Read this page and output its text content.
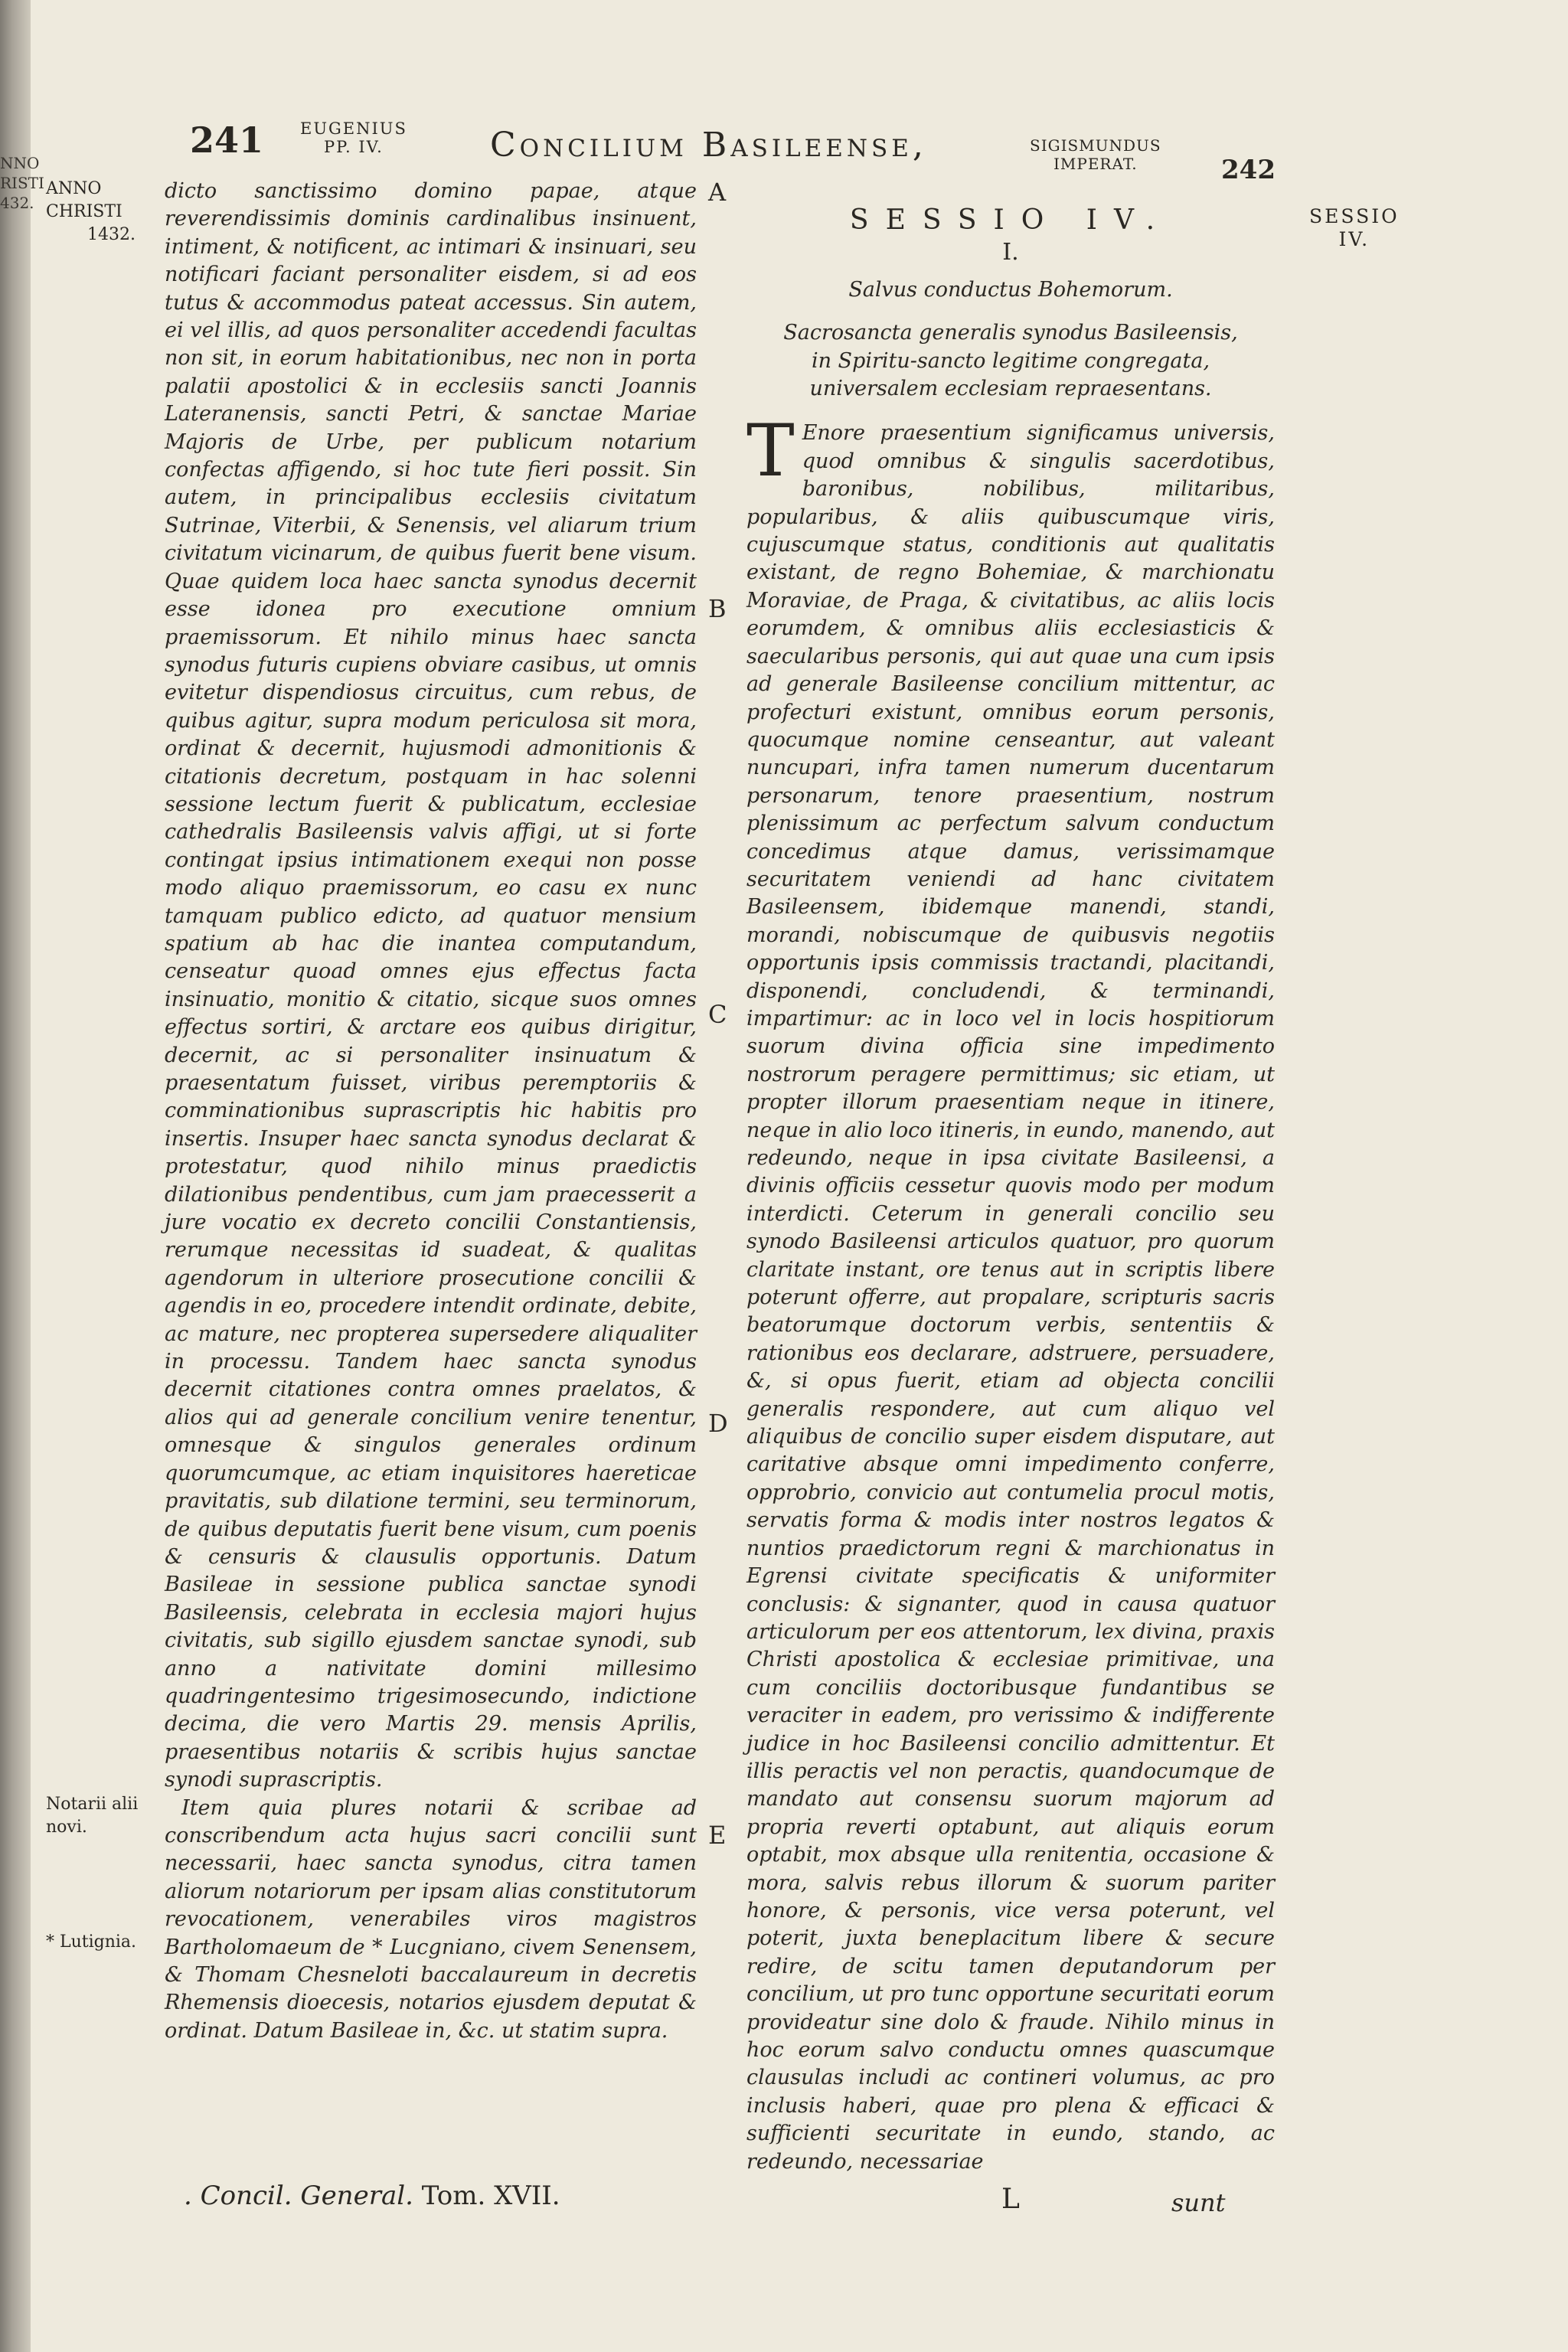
NNO
RISTI
432.
241 EUGENIUS
PP. IV.	Concilium Basileense,	SIGISMUNDUS
IMPERAT.	242
SESSIO
IV.
ANNO
CHRISTI
1432.
Notarii alii
novi.
* Lutignia.

dicto sanctissimo domino papae, atque reverendissimis dominis cardinalibus insinuent, intiment, & notificent, ac intimari & insinuari, seu notificari faciant personaliter eisdem, si ad eos tutus & accommodus pateat accessus. Sin autem, ei vel illis, ad quos personaliter accedendi facultas non sit, in eorum habitationibus, nec non in porta palatii apostolici & in ecclesiis sancti Joannis Lateranensis, sancti Petri, & sanctae Mariae Majoris de Urbe, per publicum notarium confectas affigendo, si hoc tute fieri possit. Sin autem, in principalibus ecclesiis civitatum Sutrinae, Viterbii, & Senensis, vel aliarum trium civitatum vicinarum, de quibus fuerit bene visum. Quae quidem loca haec sancta synodus decernit esse idonea pro executione omnium praemissorum. Et nihilo minus haec sancta synodus futuris cupiens obviare casibus, ut omnis evitetur dispendiosus circuitus, cum rebus, de quibus agitur, supra modum periculosa sit mora, ordinat & decernit, hujusmodi admonitionis & citationis decretum, postquam in hac solenni sessione lectum fuerit & publicatum, ecclesiae cathedralis Basileensis valvis affigi, ut si forte contingat ipsius intimationem exequi non posse modo aliquo praemissorum, eo casu ex nunc tamquam publico edicto, ad quatuor mensium spatium ab hac die inantea computandum, censeatur quoad omnes ejus effectus facta insinuatio, monitio & citatio, sicque suos omnes effectus sortiri, & arctare eos quibus dirigitur, decernit, ac si personaliter insinuatum & praesentatum fuisset, viribus peremptoriis & comminationibus suprascriptis hic habitis pro insertis. Insuper haec sancta synodus declarat & protestatur, quod nihilo minus praedictis dilationibus pendentibus, cum jam praecesserit a jure vocatio ex decreto concilii Constantiensis, rerumque necessitas id suadeat, & qualitas agendorum in ulteriore prosecutione concilii & agendis in eo, procedere intendit ordinate, debite, ac mature, nec propterea supersedere aliqualiter in processu. Tandem haec sancta synodus decernit citationes contra omnes praelatos, & alios qui ad generale concilium venire tenentur, omnesque & singulos generales ordinum quorumcumque, ac etiam inquisitores haereticae pravitatis, sub dilatione termini, seu terminorum, de quibus deputatis fuerit bene visum, cum poenis & censuris & clausulis opportunis. Datum Basileae in sessione publica sanctae synodi Basileensis, celebrata in ecclesia majori hujus civitatis, sub sigillo ejusdem sanctae synodi, sub anno a nativitate domini millesimo quadringentesimo trigesimosecundo, indictione decima, die vero Martis 29. mensis Aprilis, praesentibus notariis & scribis hujus sanctae synodi suprascriptis.

Item quia plures notarii & scribae ad conscribendum acta hujus sacri concilii sunt necessarii, haec sancta synodus, citra tamen aliorum notariorum per ipsam alias constitutorum revocationem, venerabiles viros magistros Bartholomaeum de * Lucgniano, civem Senensem, & Thomam Chesneloti baccalaureum in decretis Rhemensis dioecesis, notarios ejusdem deputat & ordinat. Datum Basileae in, &c. ut statim supra.

A
B
C
D
E
SESSIO IV.
I.
Salvus conductus Bohemorum.
Sacrosancta generalis synodus Basileensis, in Spiritu-sancto legitime congregata, universalem ecclesiam repraesentans.

T Enore praesentium significamus universis, quod omnibus & singulis sacerdotibus, baronibus, nobilibus, militaribus, popularibus, & aliis quibuscumque viris, cujuscumque status, conditionis aut qualitatis existant, de regno Bohemiae, & marchionatu Moraviae, de Praga, & civitatibus, ac aliis locis eorumdem, & omnibus aliis ecclesiasticis & saecularibus personis, qui aut quae una cum ipsis ad generale Basileense concilium mittentur, ac profecturi existunt, omnibus eorum personis, quocumque nomine censeantur, aut valeant nuncupari, infra tamen numerum ducentarum personarum, tenore praesentium, nostrum plenissimum ac perfectum salvum conductum concedimus atque damus, verissimamque securitatem veniendi ad hanc civitatem Basileensem, ibidemque manendi, standi, morandi, nobiscumque de quibusvis negotiis opportunis ipsis commissis tractandi, placitandi, disponendi, concludendi, & terminandi, impartimur: ac in loco vel in locis hospitiorum suorum divina officia sine impedimento nostrorum peragere permittimus; sic etiam, ut propter illorum praesentiam neque in itinere, neque in alio loco itineris, in eundo, manendo, aut redeundo, neque in ipsa civitate Basileensi, a divinis officiis cessetur quovis modo per modum interdicti. Ceterum in generali concilio seu synodo Basileensi articulos quatuor, pro quorum claritate instant, ore tenus aut in scriptis libere poterunt offerre, aut propalare, scripturis sacris beatorumque doctorum verbis, sententiis & rationibus eos declarare, adstruere, persuadere, &, si opus fuerit, etiam ad objecta concilii generalis respondere, aut cum aliquo vel aliquibus de concilio super eisdem disputare, aut caritative absque omni impedimento conferre, opprobrio, convicio aut contumelia procul motis, servatis forma & modis inter nostros legatos & nuntios praedictorum regni & marchionatus in Egrensi civitate specificatis & uniformiter conclusis: & signanter, quod in causa quatuor articulorum per eos attentorum, lex divina, praxis Christi apostolica & ecclesiae primitivae, una cum conciliis doctoribusque fundantibus se veraciter in eadem, pro verissimo & indifferente judice in hoc Basileensi concilio admittentur. Et illis peractis vel non peractis, quandocumque de mandato aut consensu suorum majorum ad propria reverti optabunt, aut aliquis eorum optabit, mox absque ulla renitentia, occasione & mora, salvis rebus illorum & suorum pariter honore, & personis, vice versa poterunt, vel poterit, juxta beneplacitum libere & secure redire, de scitu tamen deputandorum per concilium, ut pro tunc opportune securitati eorum provideatur sine dolo & fraude. Nihilo minus in hoc eorum salvo conductu omnes quascumque clausulas includi ac contineri volumus, ac pro inclusis haberi, quae pro plena & efficaci & sufficienti securitate in eundo, stando, ac redeundo, necessariae

. Concil. General. Tom. XVII.	L	sunt
